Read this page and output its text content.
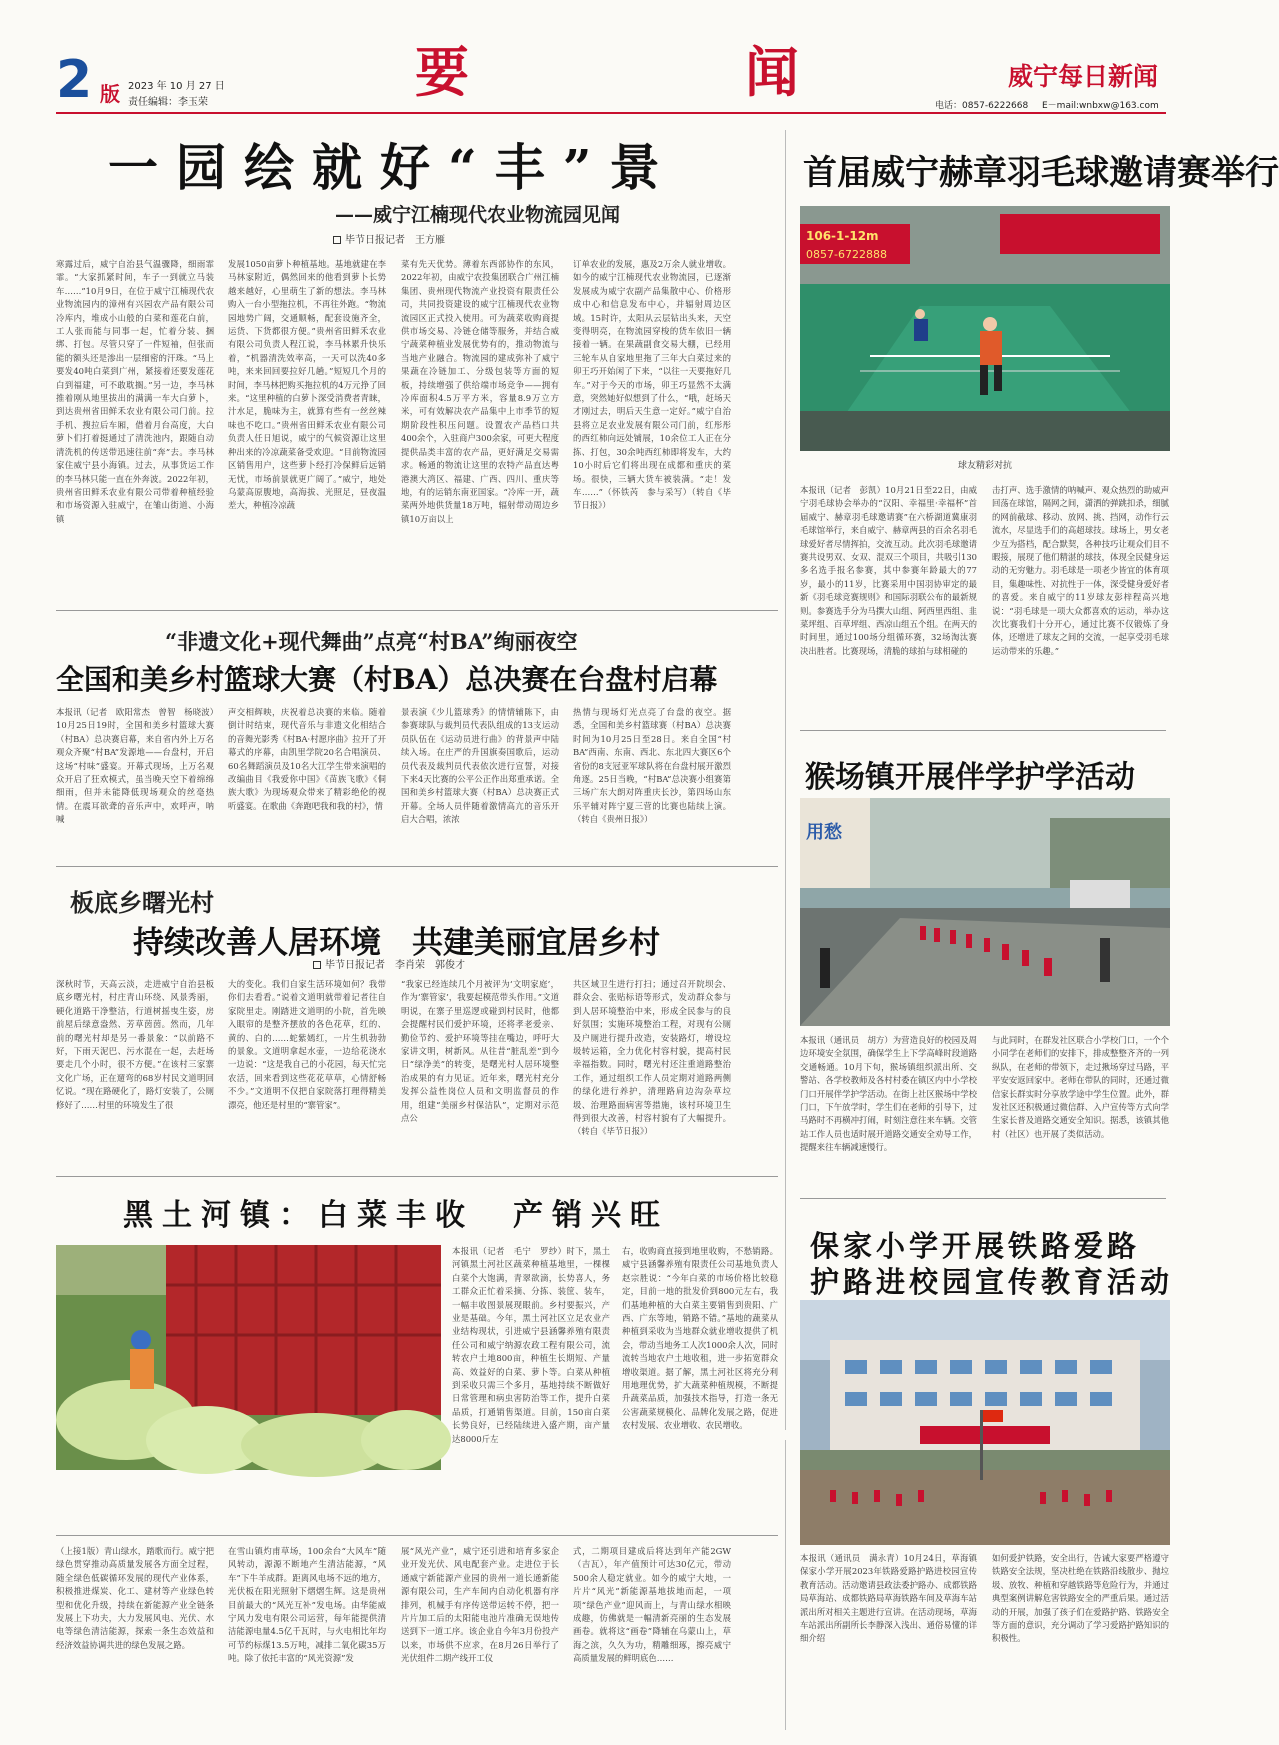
2 版 2023 年 10 月 27 日
责任编辑：李玉荣	要	闻	威宁每日新闻
电话：0857-6222668 E－mail:wnbxw@163.com
一园绘就好“丰”景
——威宁江楠现代农业物流园见闻
毕节日报记者　王方雁
寒露过后，威宁自治县气温骤降，细雨霏霏。“大家抓紧时间，车子一到就立马装车……”10月9日，在位于威宁江楠现代农业物流园内的漳州有兴园农产品有限公司冷库内，堆成小山般的白菜和莲花白前，工人张而能与同事一起，忙着分装、捆绑、打包。尽管只穿了一件短袖，但张而能的额头还是渗出一层细密的汗珠。“马上要发40吨白菜到广州，紧接着还要发莲花白到福建，可不敢耽搁。”另一边，李马林推着刚从地里拔出的满满一车大白萝卜，到达贵州省田鲜禾农业有限公司门前。拉手机、搜拉后车厢，借着月台高度，大白萝卜们打着挺通过了清洗池内，跟随自动清洗机的传送带迅速往前“奔”去。李马林家住威宁县小海镇。过去，从事货运工作的李马林只能一直在外奔波。2022年初，贵州省田鲜禾农业有限公司带着种植经验和市场资源入驻威宁，在雏山街道、小海镇
发展1050亩萝卜种植基地。基地就建在李马林家附近，偶然回来的他看到萝卜长势越来越好，心里萌生了新的想法。李马林购入一台小型拖拉机，不再往外跑。“物流园地势广阔，交通顺畅，配套设施齐全，运货、下货都很方便。”贵州省田鲜禾农业有限公司负责人程江说，李马林累升快乐着，“机器清洗效率高，一天可以洗40多吨，来来回回要拉好几趟。”短短几个月的时间，李马林把购买拖拉机的4万元挣了回来。“这里种植的白萝卜深受消费者青睐，汁水足，脆味为主，就算有些有一丝丝辣味也不吃口。”贵州省田鲜禾农业有限公司负责人任日旭说，威宁的气候资源让这里种出来的冷凉蔬菜备受欢迎。“目前物流园区销售用户，这些萝卜经打冷保鲜后远销无忧，市场前景就更广阔了。”威宁，地处乌蒙高原腹地，高海拔、光照足，昼夜温差大，种植冷凉蔬
菜有先天优势。薄着东西部协作的东风，2022年初，由威宁农投集团联合广州江楠集团、贵州现代物流产业投资有限责任公司，共同投资建设的威宁江楠现代农业物流园区正式投入使用。可为蔬菜收购商提供市场交易、冷链仓储等服务，并结合威宁蔬菜种植业发展优势有的，推动物流与当地产业融合。物流园的建成弥补了威宁果蔬在冷链加工、分级包装等方面的短板，持续增强了供给端市场竞争——拥有冷库面积4.5万平方米，容量8.9万立方米，可有效解决农产品集中上市季节的短期阶段性积压问题。设置农产品档口共400余个，入驻商户300余家，可更大程度提供品类丰富的农产品，更好满足交易需求。畅通的物流让这里的农特产品直达粤港澳大湾区、福建、广西、四川、重庆等地，有的运销东南亚国家。“冷库一开，蔬菜两外地供货量18万吨，辐射带动周边乡镇10万亩以上
订单农业的发展，惠及2万余人就业增收。如今的威宁江楠现代农业物流园，已逐渐发展成为威宁农副产品集散中心、价格形成中心和信息发布中心，并辐射周边区域。15时许，太阳从云层钻出头来，天空变得明亮，在物流园穿梭的货车依旧一辆接着一辆。在果蔬副食交易大棚，已经用三轮车从自家地里拖了三年大白菜过来的卯王巧开始闲了下来，“以往一天要拖好几车。”对于今天的市场，卯王巧显然不太满意，突然她好似想到了什么，“哦，赶场天才刚过去，明后天生意一定好。”威宁自治县将立足农业发展有限公司门前，红彤彤的西红柿向远处铺展，10余位工人正在分拣、打包，30余吨西红柿即将发车，大约10小时后它们将出现在成都和重庆的菜场。很快，三辆大货车被装满。“走！发车……”（怀铁芮　参与采写）（转自《毕节日报》）
首届威宁赫章羽毛球邀请赛举行
106-1-12m
0857-6722888
球友精彩对抗
本报讯（记者　彭凯）10月21日至22日，由威宁羽毛球协会举办的“汉阳、幸福里·幸福杯”首届威宁、赫章羽毛球邀请赛”在六桥湖道冀康羽毛球馆举行，来自威宁、赫章两县的百余名羽毛球爱好者尽情挥拍，交流互动。此次羽毛球邀请赛共设男双、女双、混双三个项目，共吸引130多名选手报名参赛，其中参赛年龄最大的77岁，最小的11岁，比赛采用中国羽协审定的最新《羽毛球竞赛规则》和国际羽联公布的最新规则。参赛选手分为马撰大山组、阿西里西组、韭菜坪组、百草坪组、西凉山组五个组。在两天的时间里，通过100场分组循环赛，32场淘汰赛决出胜者。比赛现场，清脆的球拍与球相碰的
击打声、选手激情的呐喊声、观众热烈的助威声回荡在球馆，隔网之间，潇洒的弹跳扣杀，细腻的网前截球、移动、放网、挑、挡网，动作行云流水，尽显选手们的高超球技。球场上，男女老少互为搭档，配合默契，各种技巧让观众们目不暇接，展现了他们精湛的球技，体现全民健身运动的无穷魅力。羽毛球是一项老少皆宜的体育项目，集趣味性、对抗性于一体，深受健身爱好者的喜爱。来自威宁的11岁球友彭梓程高兴地说：“羽毛球是一项大众都喜欢的运动，举办这次比赛我们十分开心，通过比赛不仅锻炼了身体，还增进了球友之间的交流，一起享受羽毛球运动带来的乐趣。”
“非遗文化+现代舞曲”点亮“村BA”绚丽夜空
全国和美乡村篮球大赛（村BA）总决赛在台盘村启幕
本报讯（记者　欧阳常杰　曾智　杨晓波）10月25日19时，全国和美乡村篮球大赛（村BA）总决赛启幕，来自省内外上万名观众齐聚“村BA”发源地——台盘村，开启这场“村味”盛宴。开幕式现场，上万名观众开启了狂欢模式，虽当晚天空下着绵绵细雨，但并未能降低现场观众的丝毫热情。在震耳欲聋的音乐声中，欢呼声，呐喊
声交相辉映，庆祝着总决赛的来临。随着倒计时结束，现代音乐与非遗文化相结合的音舞光影秀《村BA·村愿序曲》拉开了开幕式的序幕，由凯里学院20名合唱演员、60名舞蹈演员及10名大江学生带来演唱的改编曲目《我爱你中国》《苗族飞歌》《侗族大歌》为现场观众带来了精彩绝伦的视听盛宴。在歌曲《奔跑吧我和我的村》，情
景表演《少儿篮球秀》的情情辅陈下，由参赛球队与裁判员代表队组成的13支运动员队伍在《运动员进行曲》的背景声中陆续入场。在庄严的升国旗奏国歌后，运动员代表及裁判员代表依次进行宣誓，对接下来4天比赛的公平公正作出郑重承诺。全国和美乡村篮球大赛（村BA）总决赛正式开幕。全场人员伴随着激情高亢的音乐开启大合唱，浓浓
热情与现场灯光点亮了台盘的夜空。据悉，全国和美乡村篮球赛（村BA）总决赛时间为10月25日至28日。来自全国“村BA”西南、东南、西北、东北四大赛区6个省份的8支冠亚军球队将在台盘村展开激烈角逐。25日当晚，“村BA”总决赛小组赛第三场广东大朗对阵重庆长沙，第四场山东乐平辅对阵宁夏三营的比赛也陆续上演。（转自《贵州日报》）
板底乡曙光村
持续改善人居环境　共建美丽宜居乡村
毕节日报记者　李肖荣　郭俊才
深秋时节，天高云淡，走进威宁自治县板底乡曙光村，村庄青山环绕、风景秀丽，硬化道路干净整洁，行道树摇曳生姿，房前屋后绿意盎然、芳草茵茵。然而，几年前的曙光村却是另一番景象：“以前路不好，下雨天泥巴、污水混在一起，去赶场要走几个小时，很不方便。”在该村三家寨文化广场，正在遛弯的68岁村民文道明回忆说。“现在路硬化了，路灯安装了，公厕修好了……村里的环境发生了很
大的变化。我们自家生活环境如何？我带你们去看看。”说着文道明就带着记者往自家院里走。刚踏进文道明的小院，首先映入眼帘的是整齐摆放的各色花草，红的、黄的、白的……蛇紫嫣红，一片生机勃勃的景象。文道明拿起水壶，一边给花浇水一边说：“这是我自己的小花园，每天忙完农活，回来看到这些花花草草，心情舒畅不少。”文道明不仅把自家院落打理得精美漂亮，他还是村里的“寨管家”。
“我家已经连续几个月被评为‘文明家庭’，作为‘寨管家’，我要起模范带头作用。”文道明说，在寨子里巡逻或碰到村民时，他都会提醒村民们爱护环境，还将孝老爱亲、勤俭节约、爱护环境等挂在嘴边，呼吁大家讲文明，树新风。从往昔“脏乱差”到今日“绿净美”的转变，是曙光村人居环境整治成果的有力见证。近年来，曙光村充分发挥公益性岗位人员和文明监督员的作用，组建“美丽乡村保洁队”，定期对示范点公
共区域卫生进行打扫；通过召开院坝会、群众会、张贴标语等形式，发动群众参与到人居环境整治中来，形成全民参与的良好氛围；实施环境整治工程，对现有公厕及户厕进行提升改造，安装路灯，增设垃圾转运箱，全力优化村容村貌，提高村民幸福指数。同时，曙光村还注重道路整治工作，通过组织工作人员定期对道路两侧的绿化进行养护，清理路肩边沟杂草垃圾、治理路面病害等措施，该村环境卫生得到很大改善，村容村貌有了大幅提升。（转自《毕节日报》）
猴场镇开展伴学护学活动
用愁
本报讯（通讯员　胡方）为营造良好的校园及周边环境安全氛围，确保学生上下学高峰时段道路交通畅通。10月下旬，猴场镇组织派出所、交警站、各学校教师及各村村委在镇区内中小学校门口开展伴学护学活动。在街上社区猴场中学校门口，下午放学时，学生们在老师的引导下，过马路时不再横冲打闹，时刻注意往来车辆。交管站工作人员也适时展开道路交通安全劝导工作，提醒来往车辆减速慢行。
与此同时，在群发社区联合小学校门口，一个个小同学在老师们的安排下，排成整整齐齐的一列纵队，在老师的带领下，走过揪场穿过马路，平平安安返回家中。老师在带队的同时，还通过微信家长群实时分享放学途中学生位置。此外，群发社区还积极通过微信群、入户宣传等方式向学生家长普及道路交通安全知识。据悉，该镇其他村（社区）也开展了类似活动。
保家小学开展铁路爱路
护路进校园宣传教育活动
本报讯（通讯员　满永青）10月24日，草海镇保家小学开展2023年铁路爱路护路进校园宣传教育活动。活动邀请县政法委护路办、成都铁路局草海站、成都铁路局草海铁路车间及草海车站派出所对相关主题进行宣讲。在活动现场，草海车站派出所副所长李静深入浅出、通俗易懂的详细介绍
如何爱护铁路，安全出行，告诫大家要严格遵守铁路安全法规，坚决杜绝在铁路沿线散步、抛垃圾、放牧、种植和穿越铁路等危险行为，并通过典型案例讲解危害铁路安全的严重后果。通过活动的开展，加强了孩子们在爱路护路、铁路安全等方面的意识，充分调动了学习爱路护路知识的积极性。
黑土河镇：白菜丰收　产销兴旺
本报讯（记者　毛宁　罗纱）时下，黑土河镇黑土河社区蔬菜种植基地里，一棵棵白菜个大饱满，青翠欲滴，长势喜人，务工群众正忙着采摘、分拣、装筐、装车，一幅丰收图景展现眼前。乡村要振兴，产业是基础。今年，黑土河社区立足农业产业结构现状，引进威宁县涵馨养殖有限责任公司和威宁纳源农政工程有限公司，流转农户土地800亩，种植生长期短、产量高、效益好的白菜、萝卜等。白菜从种植到采收只需三个多月，基地持续不断做好日常管理和病虫害防治等工作，提升白菜品质，打通销售渠道。目前，150亩白菜长势良好，已经陆续进入盛产期，亩产量达8000斤左
右，收购商直接到地里收购，不愁销路。威宁县涵馨养殖有限责任公司基地负责人赵宗胜说：“今年白菜的市场价格比较稳定，目前一地的批发价到800元左右，我们基地种植的大白菜主要销售到贵阳、广西、广东等地，销路不错。”基地的蔬菜从种植到采收为当地群众就业增收提供了机会，带动当地务工人次1000余人次，同时流转当地农户土地收租，进一步拓宽群众增收渠道。据了解，黑土河社区将充分利用地理优势，扩大蔬菜种植规模，不断提升蔬菜品质，加强技术指导，打造一条无公害蔬菜规模化、品牌化发展之路，促进农村发展、农业增收、农民增收。
（上接1版）青山绿水，踏歌而行。威宁把绿色贯穿推动高质量发展各方面全过程，随全绿色低碳循环发展的现代产业体系，积极推进煤炭、化工、建材等产业绿色转型和优化升级，持续在新能源产业全链条发展上下功夫，大力发展风电、光伏、水电等绿色清洁能源，探索一条生态效益和经济效益协调共进的绿色发展之路。
在雪山镇灼甫草场，100余台“大风车”随风转动，源源不断地产生清洁能源，“风车”下牛羊成群。距离风电场不远的地方，光伏板在阳光照射下熠熠生辉。这是贵州目前最大的“风光互补”发电场。由华能威宁风力发电有限公司运营，每年能提供清洁能源电量4.5亿千瓦时，与火电相比年均可节约标煤13.5万吨，减排二氧化碳35万吨。除了依托丰富的“风光资源”发
展“风光产业”，威宁还引进和培育多家企业开发光伏、风电配套产业。走进位于长通威宁新能源产业园的贵州一道长通新能源有限公司，生产车间内自动化机器有序排列，机械手有序传送带运转不停，把一片片加工后的太阳能电池片准确无误地传送到下一道工序。该企业自今年3月份投产以来，市场供不应求，在8月26日举行了光伏组件二期产线开工仪
式，二期项目建成后将达到年产能2GW（吉瓦），年产值预计可达30亿元，带动500余人稳定就业。如今的威宁大地，一片片“风光”新能源基地拔地而起，一项项“绿色产业”迎风而上，与青山绿水相映成趣，仿佛就是一幅清新亮丽的生态发展画卷。就将这“画卷”降辅在乌蒙山上，草海之滨，久久为功，精雕细琢，擦亮威宁高质量发展的鲜明底色……
